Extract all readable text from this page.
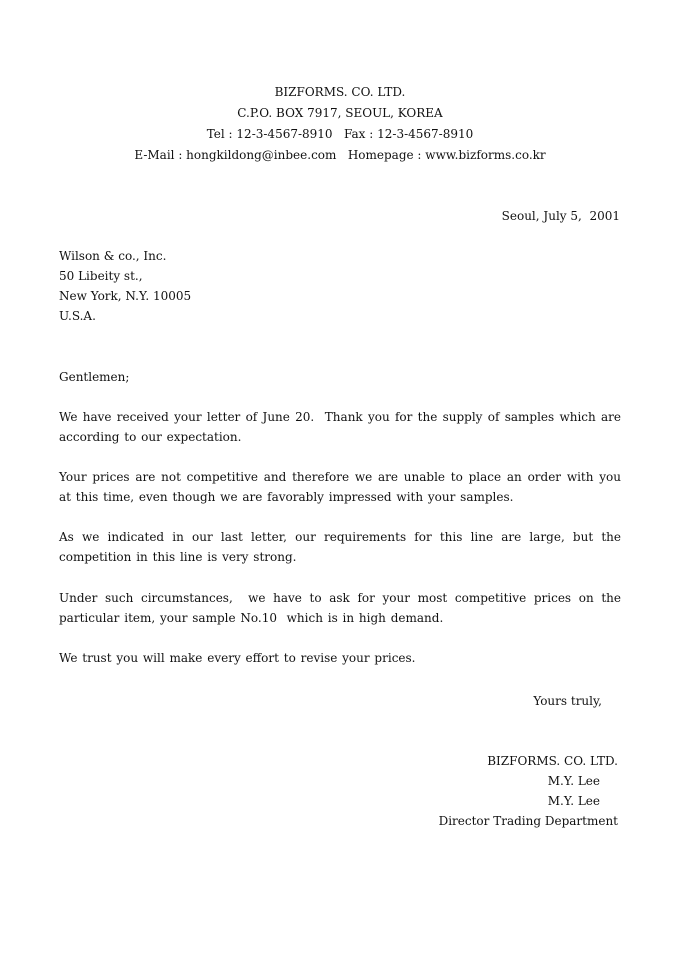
BIZFORMS. CO. LTD.
C.P.O. BOX 7917, SEOUL, KOREA
Tel : 12-3-4567-8910   Fax : 12-3-4567-8910
E-Mail : hongkildong@inbee.com   Homepage : www.bizforms.co.kr
Seoul, July 5,  2001
Wilson & co., Inc.
50 Libeity st.,
New York, N.Y. 10005
U.S.A.
Gentlemen;
We have received your letter of June 20.  Thank you for the supply of samples which are according to our expectation.
Your prices are not competitive and therefore we are unable to place an order with you at this time, even though we are favorably impressed with your samples.
As we indicated in our last letter, our requirements for this line are large, but the competition in this line is very strong.
Under such circumstances,  we have to ask for your most competitive prices on the particular item, your sample No.10  which is in high demand.
We trust you will make every effort to revise your prices.
Yours truly,
BIZFORMS. CO. LTD.
M.Y. Lee
M.Y. Lee
Director Trading Department
